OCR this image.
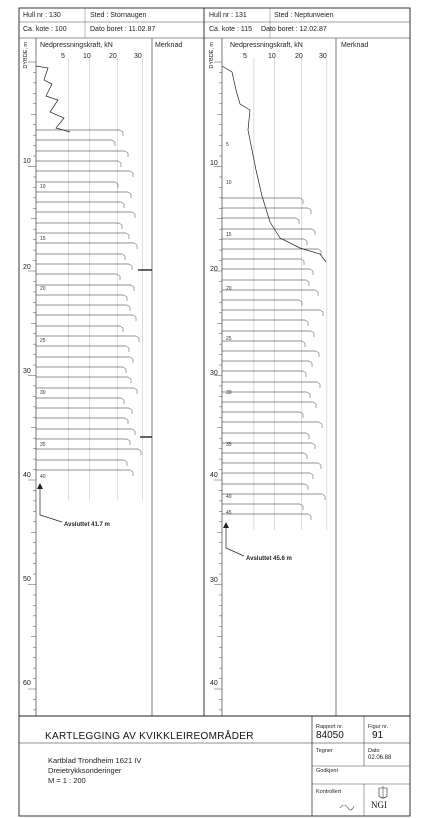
10
15
20
25
30
35
40
5
10
15
20
25
30
35
40
45
Hull nr : 130	Sted : Stornaugen
Ca. kote : 100	Dato boret : 11.02.87
Nedpressningskraft, kN	Merknad
5	10	20 30
DYBDE, m
10
20
30
40
50
60
Avsluttet 41.7 m
Hull nr : 131	Sted : Neptunveien
Ca. kote : 115 Dato boret : 12.02.87
Nedpressningskraft, kN	Merknad
5	10	20 30
DYBDE, m
10
20
30
40
30
40
Avsluttet 45.6 m
KARTLEGGING AV KVIKKLEIREOMRÅDER
Rapport nr.
84050
Figur nr.
91
Kartblad Trondheim 1621 IV
Dreietrykksonderinger
M = 1 : 200
Tegner	Dato
02.06.88
Godkjent
Kontrollert
NGI
